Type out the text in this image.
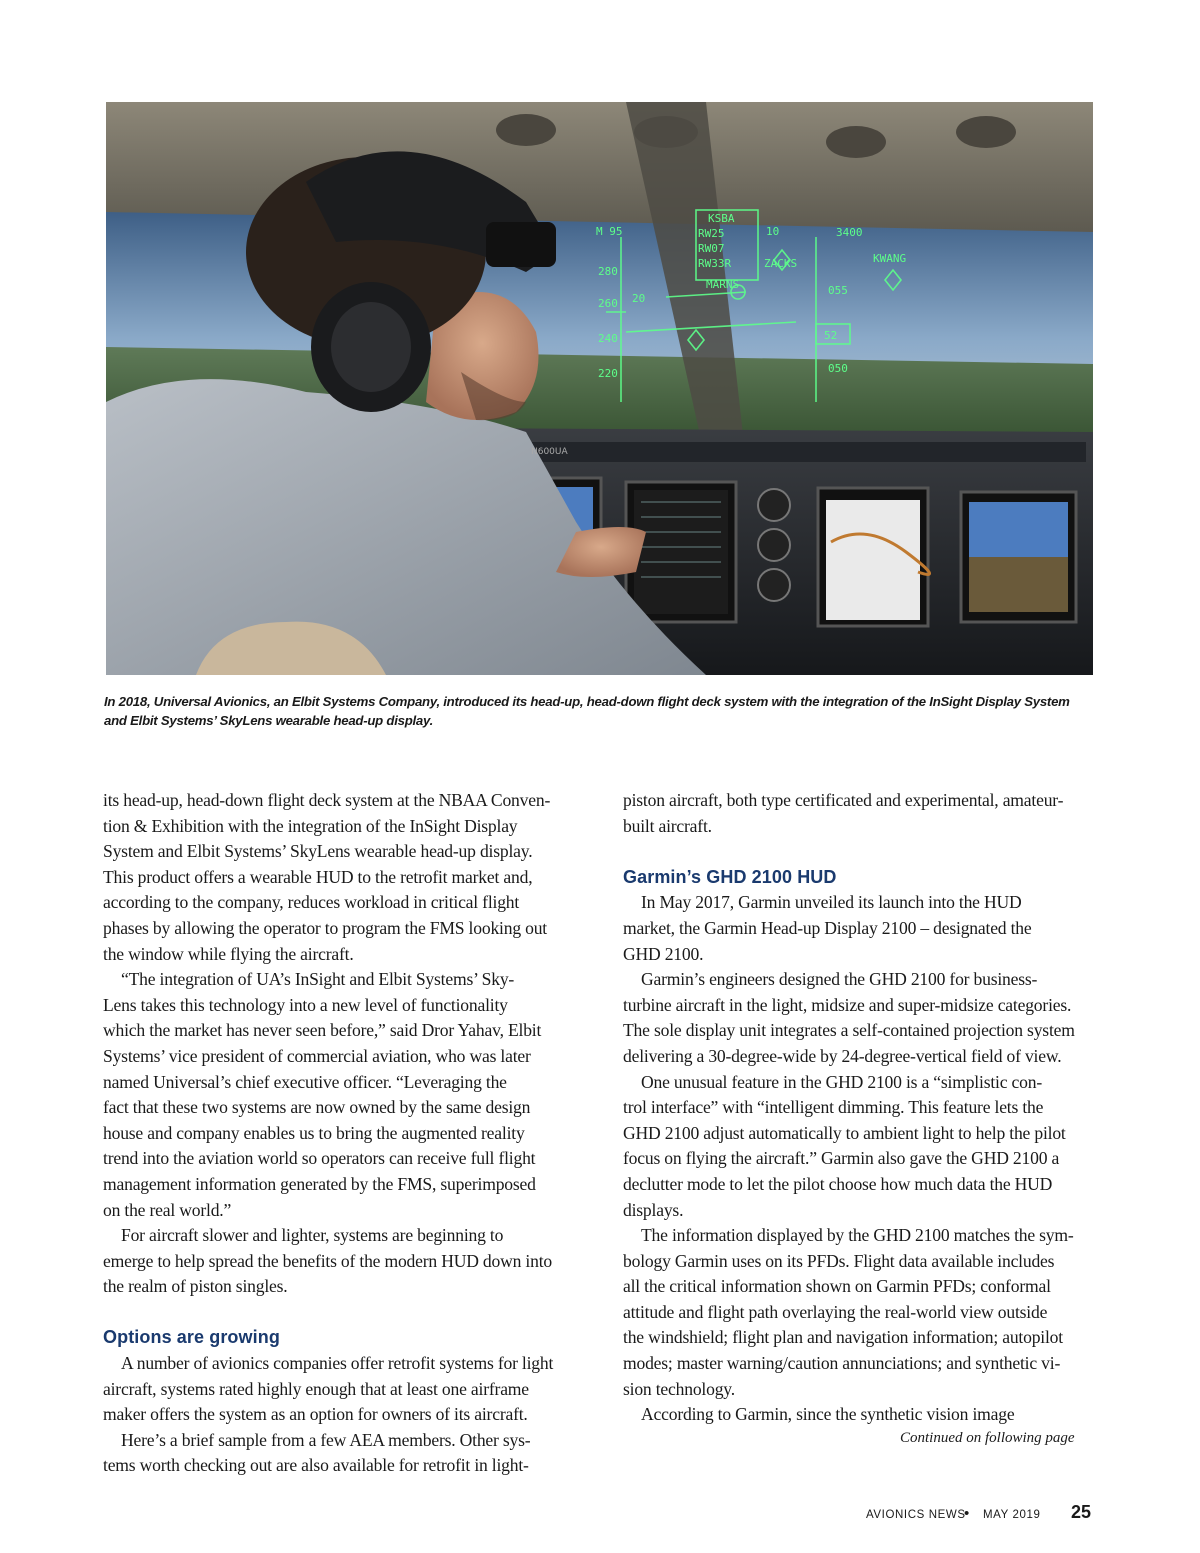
M 95
KSBA
RW25
RW07
RW33R	ZACKS	KWANG
MARNS
3400
055
52
050
280
260
240
220
10
20
N600UA
In 2018, Universal Avionics, an Elbit Systems Company, introduced its head-up, head-down flight deck system with the integration of the InSight Display System
and Elbit Systems’ SkyLens wearable head-up display.
its head-up, head-down flight deck system at the NBAA Conven-
tion & Exhibition with the integration of the InSight Display
System and Elbit Systems’ SkyLens wearable head-up display.
This product offers a wearable HUD to the retrofit market and,
according to the company, reduces workload in critical flight
phases by allowing the operator to program the FMS looking out
the window while flying the aircraft.
“The integration of UA’s InSight and Elbit Systems’ Sky-
Lens takes this technology into a new level of functionality
which the market has never seen before,” said Dror Yahav, Elbit
Systems’ vice president of commercial aviation, who was later
named Universal’s chief executive officer. “Leveraging the
fact that these two systems are now owned by the same design
house and company enables us to bring the augmented reality
trend into the aviation world so operators can receive full flight
management information generated by the FMS, superimposed
on the real world.”
For aircraft slower and lighter, systems are beginning to
emerge to help spread the benefits of the modern HUD down into
the realm of piston singles.
Options are growing
A number of avionics companies offer retrofit systems for light
aircraft, systems rated highly enough that at least one airframe
maker offers the system as an option for owners of its aircraft.
Here’s a brief sample from a few AEA members. Other sys-
tems worth checking out are also available for retrofit in light-
piston aircraft, both type certificated and experimental, amateur-
built aircraft.
Garmin’s GHD 2100 HUD
In May 2017, Garmin unveiled its launch into the HUD
market, the Garmin Head-up Display 2100 – designated the
GHD 2100.
Garmin’s engineers designed the GHD 2100 for business-
turbine aircraft in the light, midsize and super-midsize categories.
The sole display unit integrates a self-contained projection system
delivering a 30-degree-wide by 24-degree-vertical field of view.
One unusual feature in the GHD 2100 is a “simplistic con-
trol interface” with “intelligent dimming. This feature lets the
GHD 2100 adjust automatically to ambient light to help the pilot
focus on flying the aircraft.” Garmin also gave the GHD 2100 a
declutter mode to let the pilot choose how much data the HUD
displays.
The information displayed by the GHD 2100 matches the sym-
bology Garmin uses on its PFDs. Flight data available includes
all the critical information shown on Garmin PFDs; conformal
attitude and flight path overlaying the real-world view outside
the windshield; flight plan and navigation information; autopilot
modes; master warning/caution annunciations; and synthetic vi-
sion technology.
According to Garmin, since the synthetic vision image
Continued on following page
AVIONICS NEWS
• MAY 2019 25
